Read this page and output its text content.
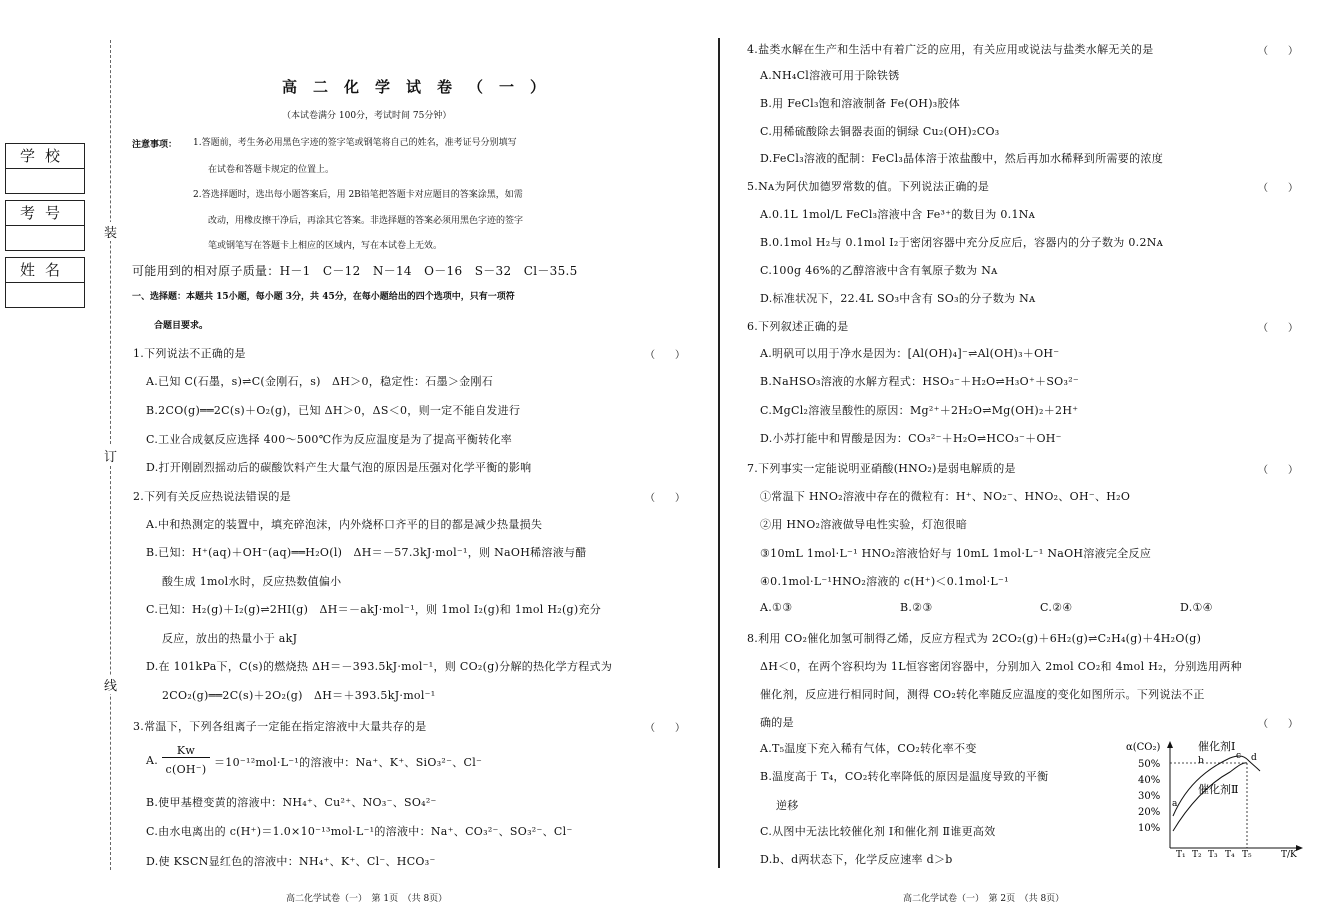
学校
考号
姓名
装
订
线
高二化学试卷（一）
（本试卷满分 100分，考试时间 75分钟）
注意事项： 1.答题前，考生务必用黑色字迹的签字笔或钢笔将自己的姓名，准考证号分别填写
在试卷和答题卡规定的位置上。
2.答选择题时，选出每小题答案后，用 2B铅笔把答题卡对应题目的答案涂黑，如需
改动，用橡皮擦干净后，再涂其它答案。非选择题的答案必须用黑色字迹的签字
笔或钢笔写在答题卡上相应的区域内，写在本试卷上无效。
可能用到的相对原子质量：H－1　C－12　N－14　O－16　S－32　Cl－35.5
一、选择题：本题共 15小题，每小题 3分，共 45分，在每小题给出的四个选项中，只有一项符
合题目要求。
1.下列说法不正确的是	（　　）
A.已知 C(石墨，s)⇌C(金刚石，s)　ΔH＞0，稳定性：石墨＞金刚石
B.2CO(g)══2C(s)＋O₂(g)，已知 ΔH＞0，ΔS＜0，则一定不能自发进行
C.工业合成氨反应选择 400～500℃作为反应温度是为了提高平衡转化率
D.打开刚剧烈摇动后的碳酸饮料产生大量气泡的原因是压强对化学平衡的影响
2.下列有关反应热说法错误的是	（　　）
A.中和热测定的装置中，填充碎泡沫，内外烧杯口齐平的目的都是减少热量损失
B.已知：H⁺(aq)＋OH⁻(aq)══H₂O(l)　ΔH＝－57.3kJ·mol⁻¹，则 NaOH稀溶液与醋
酸生成 1mol水时，反应热数值偏小
C.已知：H₂(g)＋I₂(g)⇌2HI(g)　ΔH＝－akJ·mol⁻¹，则 1mol I₂(g)和 1mol H₂(g)充分
反应，放出的热量小于 akJ
D.在 101kPa下，C(s)的燃烧热 ΔH＝－393.5kJ·mol⁻¹，则 CO₂(g)分解的热化学方程式为
2CO₂(g)══2C(s)＋2O₂(g)　ΔH＝＋393.5kJ·mol⁻¹
3.常温下，下列各组离子一定能在指定溶液中大量共存的是	（　　）
A.
Kw
c(OH⁻)
＝10⁻¹²mol·L⁻¹的溶液中：Na⁺、K⁺、SiO₃²⁻、Cl⁻
B.使甲基橙变黄的溶液中：NH₄⁺、Cu²⁺、NO₃⁻、SO₄²⁻
C.由水电离出的 c(H⁺)＝1.0×10⁻¹³mol·L⁻¹的溶液中：Na⁺、CO₃²⁻、SO₃²⁻、Cl⁻
D.使 KSCN显红色的溶液中：NH₄⁺、K⁺、Cl⁻、HCO₃⁻
高二化学试卷（一）　第 1页　（共 8页）
4.盐类水解在生产和生活中有着广泛的应用，有关应用或说法与盐类水解无关的是	（　　）
A.NH₄Cl溶液可用于除铁锈
B.用 FeCl₃饱和溶液制备 Fe(OH)₃胶体
C.用稀硫酸除去铜器表面的铜绿 Cu₂(OH)₂CO₃
D.FeCl₃溶液的配制：FeCl₃晶体溶于浓盐酸中，然后再加水稀释到所需要的浓度
5.Nᴀ为阿伏加德罗常数的值。下列说法正确的是	（　　）
A.0.1L 1mol/L FeCl₃溶液中含 Fe³⁺的数目为 0.1Nᴀ
B.0.1mol H₂与 0.1mol I₂于密闭容器中充分反应后，容器内的分子数为 0.2Nᴀ
C.100g 46%的乙醇溶液中含有氧原子数为 Nᴀ
D.标准状况下，22.4L SO₃中含有 SO₃的分子数为 Nᴀ
6.下列叙述正确的是	（　　）
A.明矾可以用于净水是因为：[Al(OH)₄]⁻⇌Al(OH)₃＋OH⁻
B.NaHSO₃溶液的水解方程式：HSO₃⁻＋H₂O⇌H₃O⁺＋SO₃²⁻
C.MgCl₂溶液呈酸性的原因：Mg²⁺＋2H₂O⇌Mg(OH)₂＋2H⁺
D.小苏打能中和胃酸是因为：CO₃²⁻＋H₂O⇌HCO₃⁻＋OH⁻
7.下列事实一定能说明亚硝酸(HNO₂)是弱电解质的是	（　　）
①常温下 HNO₂溶液中存在的微粒有：H⁺、NO₂⁻、HNO₂、OH⁻、H₂O
②用 HNO₂溶液做导电性实验，灯泡很暗
③10mL 1mol·L⁻¹ HNO₂溶液恰好与 10mL 1mol·L⁻¹ NaOH溶液完全反应
④0.1mol·L⁻¹HNO₂溶液的 c(H⁺)＜0.1mol·L⁻¹
A.①③	B.②③	C.②④	D.①④
8.利用 CO₂催化加氢可制得乙烯，反应方程式为 2CO₂(g)＋6H₂(g)⇌C₂H₄(g)＋4H₂O(g)
ΔH＜0，在两个容积均为 1L恒容密闭容器中，分别加入 2mol CO₂和 4mol H₂，分别选用两种
催化剂，反应进行相同时间，测得 CO₂转化率随反应温度的变化如图所示。下列说法不正
确的是	（　　）
A.T₅温度下充入稀有气体，CO₂转化率不变
B.温度高于 T₄，CO₂转化率降低的原因是温度导致的平衡
逆移
C.从图中无法比较催化剂 Ⅰ和催化剂 Ⅱ谁更高效
D.b、d两状态下，化学反应速率 d＞b
α(CO₂)
50%
40%
30%
20%
10%
a
b	c d
催化剂Ⅰ
催化剂Ⅱ
T₁ T₂ T₃ T₄ T₅	T/K
高二化学试卷（一）　第 2页　（共 8页）
